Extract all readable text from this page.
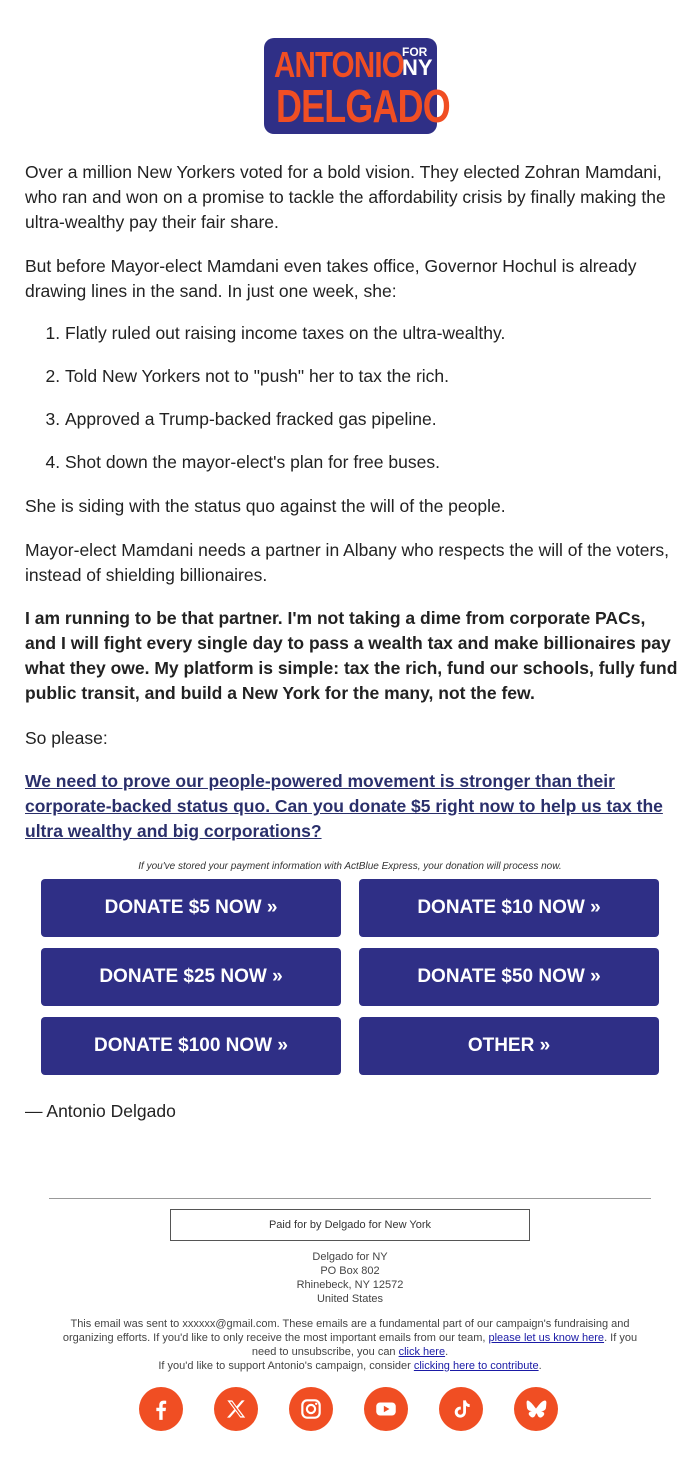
ANTONIO
FOR
NY
DELGADO
Over a million New Yorkers voted for a bold vision. They elected Zohran Mamdani, who ran and won on a promise to tackle the affordability crisis by finally making the ultra-wealthy pay their fair share.
But before Mayor-elect Mamdani even takes office, Governor Hochul is already drawing lines in the sand. In just one week, she:
1. Flatly ruled out raising income taxes on the ultra-wealthy.
2. Told New Yorkers not to "push" her to tax the rich.
3. Approved a Trump-backed fracked gas pipeline.
4. Shot down the mayor-elect's plan for free buses.
She is siding with the status quo against the will of the people.
Mayor-elect Mamdani needs a partner in Albany who respects the will of the voters, instead of shielding billionaires.
I am running to be that partner. I'm not taking a dime from corporate PACs, and I will fight every single day to pass a wealth tax and make billionaires pay what they owe. My platform is simple: tax the rich, fund our schools, fully fund public transit, and build a New York for the many, not the few.
So please:
We need to prove our people-powered movement is stronger than their corporate-backed status quo. Can you donate $5 right now to help us tax the ultra wealthy and big corporations?
If you've stored your payment information with ActBlue Express, your donation will process now.
DONATE $5 NOW »	DONATE $10 NOW »
DONATE $25 NOW »	DONATE $50 NOW »
DONATE $100 NOW »	OTHER »
— Antonio Delgado
Paid for by Delgado for New York
Delgado for NY
PO Box 802
Rhinebeck, NY 12572
United States
This email was sent to xxxxxx@gmail.com. These emails are a fundamental part of our campaign's fundraising and organizing efforts. If you'd like to only receive the most important emails from our team, please let us know here. If you need to unsubscribe, you can click here.
If you'd like to support Antonio's campaign, consider clicking here to contribute.
